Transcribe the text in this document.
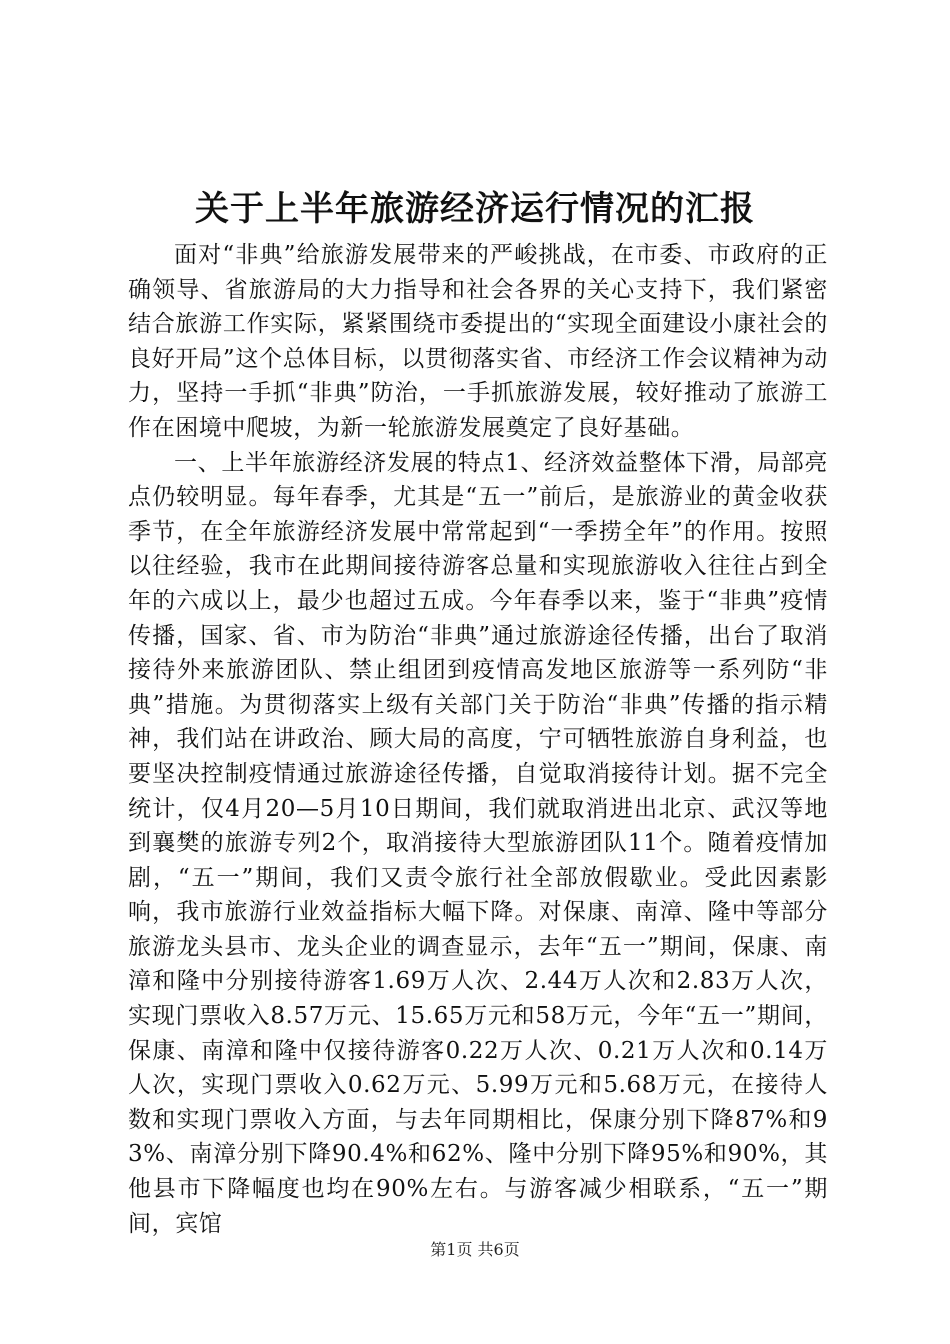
关于上半年旅游经济运行情况的汇报

面对“非典”给旅游发展带来的严峻挑战，在市委、市政府的正确领导、省旅游局的大力指导和社会各界的关心支持下，我们紧密结合旅游工作实际，紧紧围绕市委提出的“实现全面建设小康社会的良好开局”这个总体目标，以贯彻落实省、市经济工作会议精神为动力，坚持一手抓“非典”防治，一手抓旅游发展，较好推动了旅游工作在困境中爬坡，为新一轮旅游发展奠定了良好基础。

一、上半年旅游经济发展的特点1、经济效益整体下滑，局部亮点仍较明显。每年春季，尤其是“五一”前后，是旅游业的黄金收获季节，在全年旅游经济发展中常常起到“一季捞全年”的作用。按照以往经验，我市在此期间接待游客总量和实现旅游收入往往占到全年的六成以上，最少也超过五成。今年春季以来，鉴于“非典”疫情传播，国家、省、市为防治“非典”通过旅游途径传播，出台了取消接待外来旅游团队、禁止组团到疫情高发地区旅游等一系列防“非典”措施。为贯彻落实上级有关部门关于防治“非典”传播的指示精神，我们站在讲政治、顾大局的高度，宁可牺牲旅游自身利益，也要坚决控制疫情通过旅游途径传播，自觉取消接待计划。据不完全统计，仅4月20—5月10日期间，我们就取消进出北京、武汉等地到襄樊的旅游专列2个，取消接待大型旅游团队11个。随着疫情加剧，“五一”期间，我们又责令旅行社全部放假歇业。受此因素影响，我市旅游行业效益指标大幅下降。对保康、南漳、隆中等部分旅游龙头县市、龙头企业的调查显示，去年“五一”期间，保康、南漳和隆中分别接待游客1.69万人次、2.44万人次和2.83万人次，实现门票收入8.57万元、15.65万元和58万元，今年“五一”期间，保康、南漳和隆中仅接待游客0.22万人次、0.21万人次和0.14万人次，实现门票收入0.62万元、5.99万元和5.68万元，在接待人数和实现门票收入方面，与去年同期相比，保康分别下降87%和93%、南漳分别下降90.4%和62%、隆中分别下降95%和90%，其他县市下降幅度也均在90%左右。与游客减少相联系，“五一”期间，宾馆

第1页 共6页
